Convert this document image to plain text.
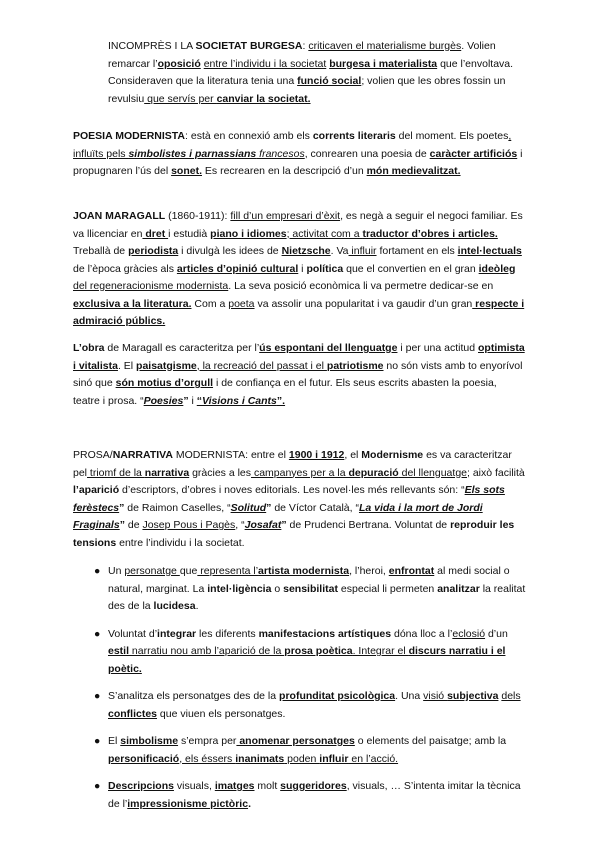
INCOMPRÈS I LA SOCIETAT BURGESA: criticaven el materialisme burgès. Volien remarcar l’oposició entre l’individu i la societat burgesa i materialista que l’envoltava. Consideraven que la literatura tenia una funció social; volien que les obres fossin un revulsiu que servís per canviar la societat.

POESIA MODERNISTA: està en connexió amb els corrents literaris del moment. Els poetes, influïts pels simbolistes i parnassians francesos, conrearen una poesia de caràcter artificiós i propugnaren l’ús del sonet. Es recrearen en la descripció d’un món medievalitzat.

JOAN MARAGALL (1860-1911): fill d’un empresari d’èxit, es negà a seguir el negoci familiar. Es va llicenciar en dret i estudià piano i idiomes; activitat com a traductor d’obres i articles. Treballà de periodista i divulgà les idees de Nietzsche. Va influir fortament en els intel·lectuals de l’època gràcies als articles d’opinió cultural i política que el convertien en el gran ideòleg del regeneracionisme modernista. La seva posició econòmica li va permetre dedicar-se en exclusiva a la literatura. Com a poeta va assolir una popularitat i va gaudir d’un gran respecte i admiració públics.

L’obra de Maragall es caracteritza per l’ús espontani del llenguatge i per una actitud optimista i vitalista. El paisatgisme, la recreació del passat i el patriotisme no són vists amb to enyorívol sinó que són motius d’orgull i de confiança en el futur. Els seus escrits abasten la poesia, teatre i prosa. “Poesies” i “Visions i Cants”.

PROSA/NARRATIVA MODERNISTA: entre el 1900 i 1912, el Modernisme es va caracteritzar pel triomf de la narrativa gràcies a les campanyes per a la depuració del llenguatge; això facilità l’aparició d’escriptors, d’obres i noves editorials. Les novel·les més rellevants són: “Els sots ferèstecs” de Raimon Caselles, “Solitud” de Víctor Català, “La vida i la mort de Jordi Fraginals” de Josep Pous i Pagès, “Josafat” de Prudenci Bertrana. Voluntat de reproduir les tensions entre l’individu i la societat.

● Un personatge que representa l’artista modernista, l’heroi, enfrontat al medi social o natural, marginat. La intel·ligència o sensibilitat especial li permeten analitzar la realitat des de la lucidesa.
● Voluntat d’integrar les diferents manifestacions artístiques dóna lloc a l’eclosió d’un estil narratiu nou amb l’aparició de la prosa poètica. Integrar el discurs narratiu i el poètic.
● S’analitza els personatges des de la profunditat psicològica. Una visió subjectiva dels conflictes que viuen els personatges.
● El simbolisme s’empra per anomenar personatges o elements del paisatge; amb la personificació, els éssers inanimats poden influir en l’acció.
● Descripcions visuals, imatges molt suggeridores, visuals, … S’intenta imitar la tècnica de l’impressionisme pictòric.
